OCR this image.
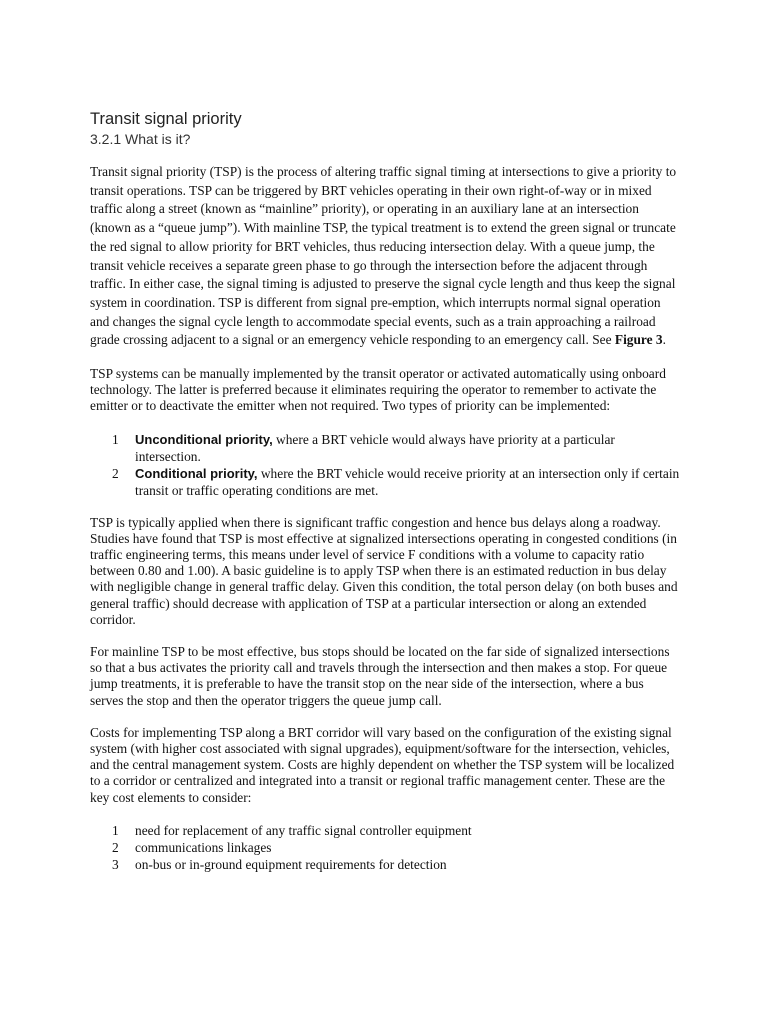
Transit signal priority
3.2.1 What is it?

Transit signal priority (TSP) is the process of altering traffic signal timing at intersections to give a priority to transit operations. TSP can be triggered by BRT vehicles operating in their own right-of-way or in mixed traffic along a street (known as “mainline” priority), or operating in an auxiliary lane at an intersection (known as a “queue jump”). With mainline TSP, the typical treatment is to extend the green signal or truncate the red signal to allow priority for BRT vehicles, thus reducing intersection delay. With a queue jump, the transit vehicle receives a separate green phase to go through the intersection before the adjacent through traffic. In either case, the signal timing is adjusted to preserve the signal cycle length and thus keep the signal system in coordination. TSP is different from signal pre-emption, which interrupts normal signal operation and changes the signal cycle length to accommodate special events, such as a train approaching a railroad grade crossing adjacent to a signal or an emergency vehicle responding to an emergency call. See Figure 3.

TSP systems can be manually implemented by the transit operator or activated automatically using onboard technology. The latter is preferred because it eliminates requiring the operator to remember to activate the emitter or to deactivate the emitter when not required. Two types of priority can be implemented:

1	Unconditional priority, where a BRT vehicle would always have priority at a particular intersection.
2	Conditional priority, where the BRT vehicle would receive priority at an intersection only if certain transit or traffic operating conditions are met.

TSP is typically applied when there is significant traffic congestion and hence bus delays along a roadway. Studies have found that TSP is most effective at signalized intersections operating in congested conditions (in traffic engineering terms, this means under level of service F conditions with a volume to capacity ratio between 0.80 and 1.00). A basic guideline is to apply TSP when there is an estimated reduction in bus delay with negligible change in general traffic delay. Given this condition, the total person delay (on both buses and general traffic) should decrease with application of TSP at a particular intersection or along an extended corridor.

For mainline TSP to be most effective, bus stops should be located on the far side of signalized intersections so that a bus activates the priority call and travels through the intersection and then makes a stop. For queue jump treatments, it is preferable to have the transit stop on the near side of the intersection, where a bus serves the stop and then the operator triggers the queue jump call.

Costs for implementing TSP along a BRT corridor will vary based on the configuration of the existing signal system (with higher cost associated with signal upgrades), equipment/software for the intersection, vehicles, and the central management system. Costs are highly dependent on whether the TSP system will be localized to a corridor or centralized and integrated into a transit or regional traffic management center. These are the key cost elements to consider:

1	need for replacement of any traffic signal controller equipment
2	communications linkages
3	on-bus or in-ground equipment requirements for detection
